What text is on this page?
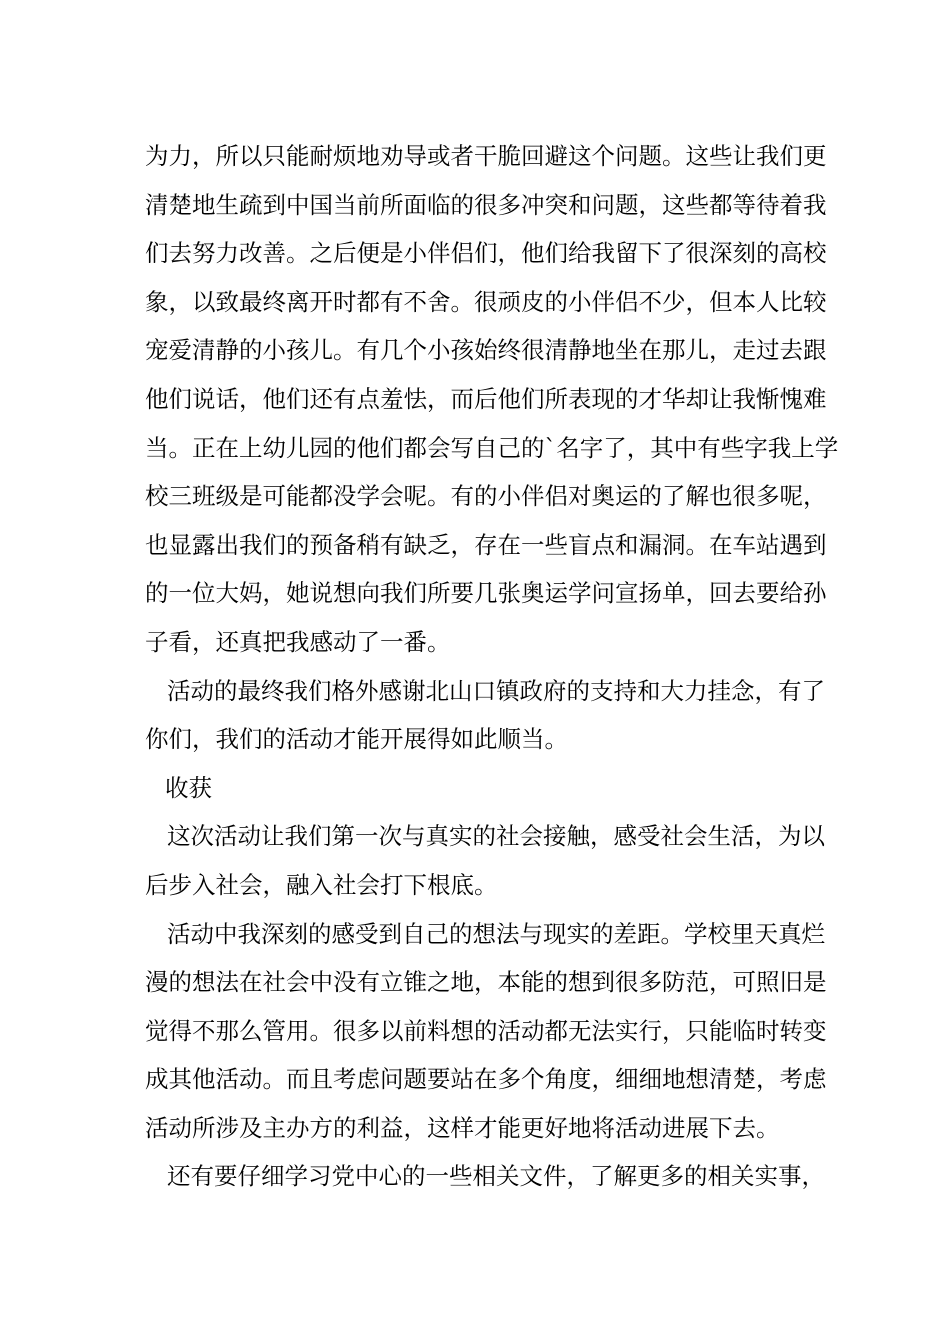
为力，所以只能耐烦地劝导或者干脆回避这个问题。这些让我们更
清楚地生疏到中国当前所面临的很多冲突和问题，这些都等待着我
们去努力改善。之后便是小伴侣们，他们给我留下了很深刻的高校
象，以致最终离开时都有不舍。很顽皮的小伴侣不少，但本人比较
宠爱清静的小孩儿。有几个小孩始终很清静地坐在那儿，走过去跟
他们说话，他们还有点羞怯，而后他们所表现的才华却让我惭愧难
当。正在上幼儿园的他们都会写自己的`名字了，其中有些字我上学
校三班级是可能都没学会呢。有的小伴侣对奥运的了解也很多呢，
也显露出我们的预备稍有缺乏，存在一些盲点和漏洞。在车站遇到
的一位大妈，她说想向我们所要几张奥运学问宣扬单，回去要给孙
子看，还真把我感动了一番。
活动的最终我们格外感谢北山口镇政府的支持和大力挂念，有了
你们，我们的活动才能开展得如此顺当。
收获
这次活动让我们第一次与真实的社会接触，感受社会生活，为以
后步入社会，融入社会打下根底。
活动中我深刻的感受到自己的想法与现实的差距。学校里天真烂
漫的想法在社会中没有立锥之地，本能的想到很多防范，可照旧是
觉得不那么管用。很多以前料想的活动都无法实行，只能临时转变
成其他活动。而且考虑问题要站在多个角度，细细地想清楚，考虑
活动所涉及主办方的利益，这样才能更好地将活动进展下去。
还有要仔细学习党中心的一些相关文件，了解更多的相关实事，
